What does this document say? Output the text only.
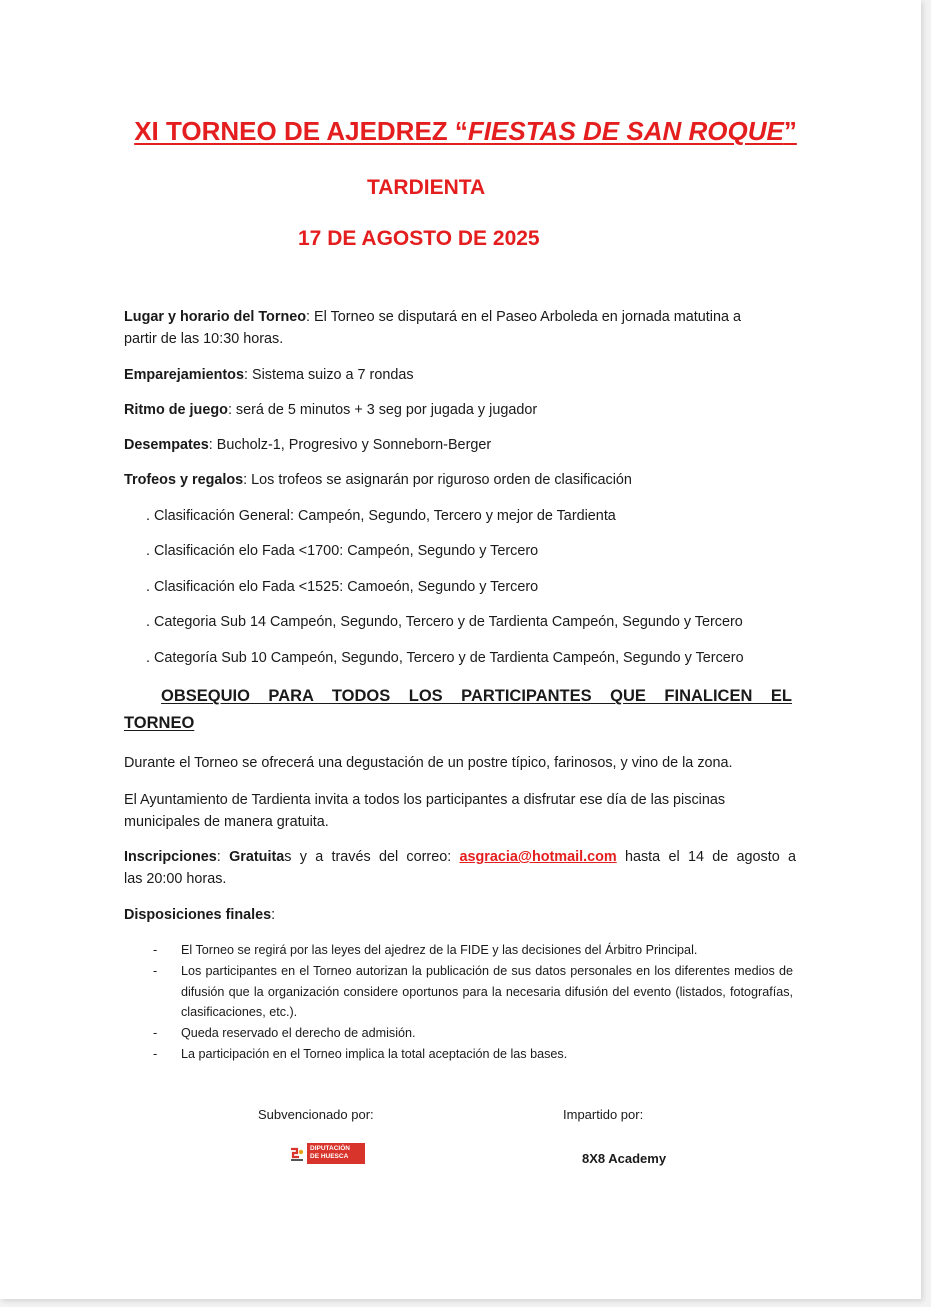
XI TORNEO DE AJEDREZ “FIESTAS DE SAN ROQUE”
TARDIENTA
17 DE AGOSTO DE 2025
Lugar y horario del Torneo: El Torneo se disputará en el Paseo Arboleda en jornada matutina a
partir de las 10:30 horas.
Emparejamientos: Sistema suizo a 7 rondas
Ritmo de juego: será de 5 minutos + 3 seg por jugada y jugador
Desempates: Bucholz-1, Progresivo y Sonneborn-Berger
Trofeos y regalos: Los trofeos se asignarán por riguroso orden de clasificación
. Clasificación General: Campeón, Segundo, Tercero y mejor de Tardienta
. Clasificación elo Fada <1700: Campeón, Segundo y Tercero
. Clasificación elo Fada <1525: Camoeón, Segundo y Tercero
. Categoria Sub 14 Campeón, Segundo, Tercero y de Tardienta Campeón, Segundo y Tercero
. Categoría Sub 10 Campeón, Segundo, Tercero y de Tardienta Campeón, Segundo y Tercero
OBSEQUIO PARA TODOS LOS PARTICIPANTES QUE FINALICEN EL
TORNEO
Durante el Torneo se ofrecerá una degustación de un postre típico, farinosos, y vino de la zona.
El Ayuntamiento de Tardienta invita a todos los participantes a disfrutar ese día de las piscinas
municipales de manera gratuita.
Inscripciones: Gratuitas y a través del correo: asgracia@hotmail.com hasta el 14 de agosto a
las 20:00 horas.
Disposiciones finales:
- El Torneo se regirá por las leyes del ajedrez de la FIDE y las decisiones del Árbitro Principal.
- Los participantes en el Torneo autorizan la publicación de sus datos personales en los diferentes medios de difusión que la organización considere oportunos para la necesaria difusión del evento (listados, fotografías, clasificaciones, etc.).
- Queda reservado el derecho de admisión.
- La participación en el Torneo implica la total aceptación de las bases.
Subvencionado por:	Impartido por:
DIPUTACIÓN
DE HUESCA	8X8 Academy
